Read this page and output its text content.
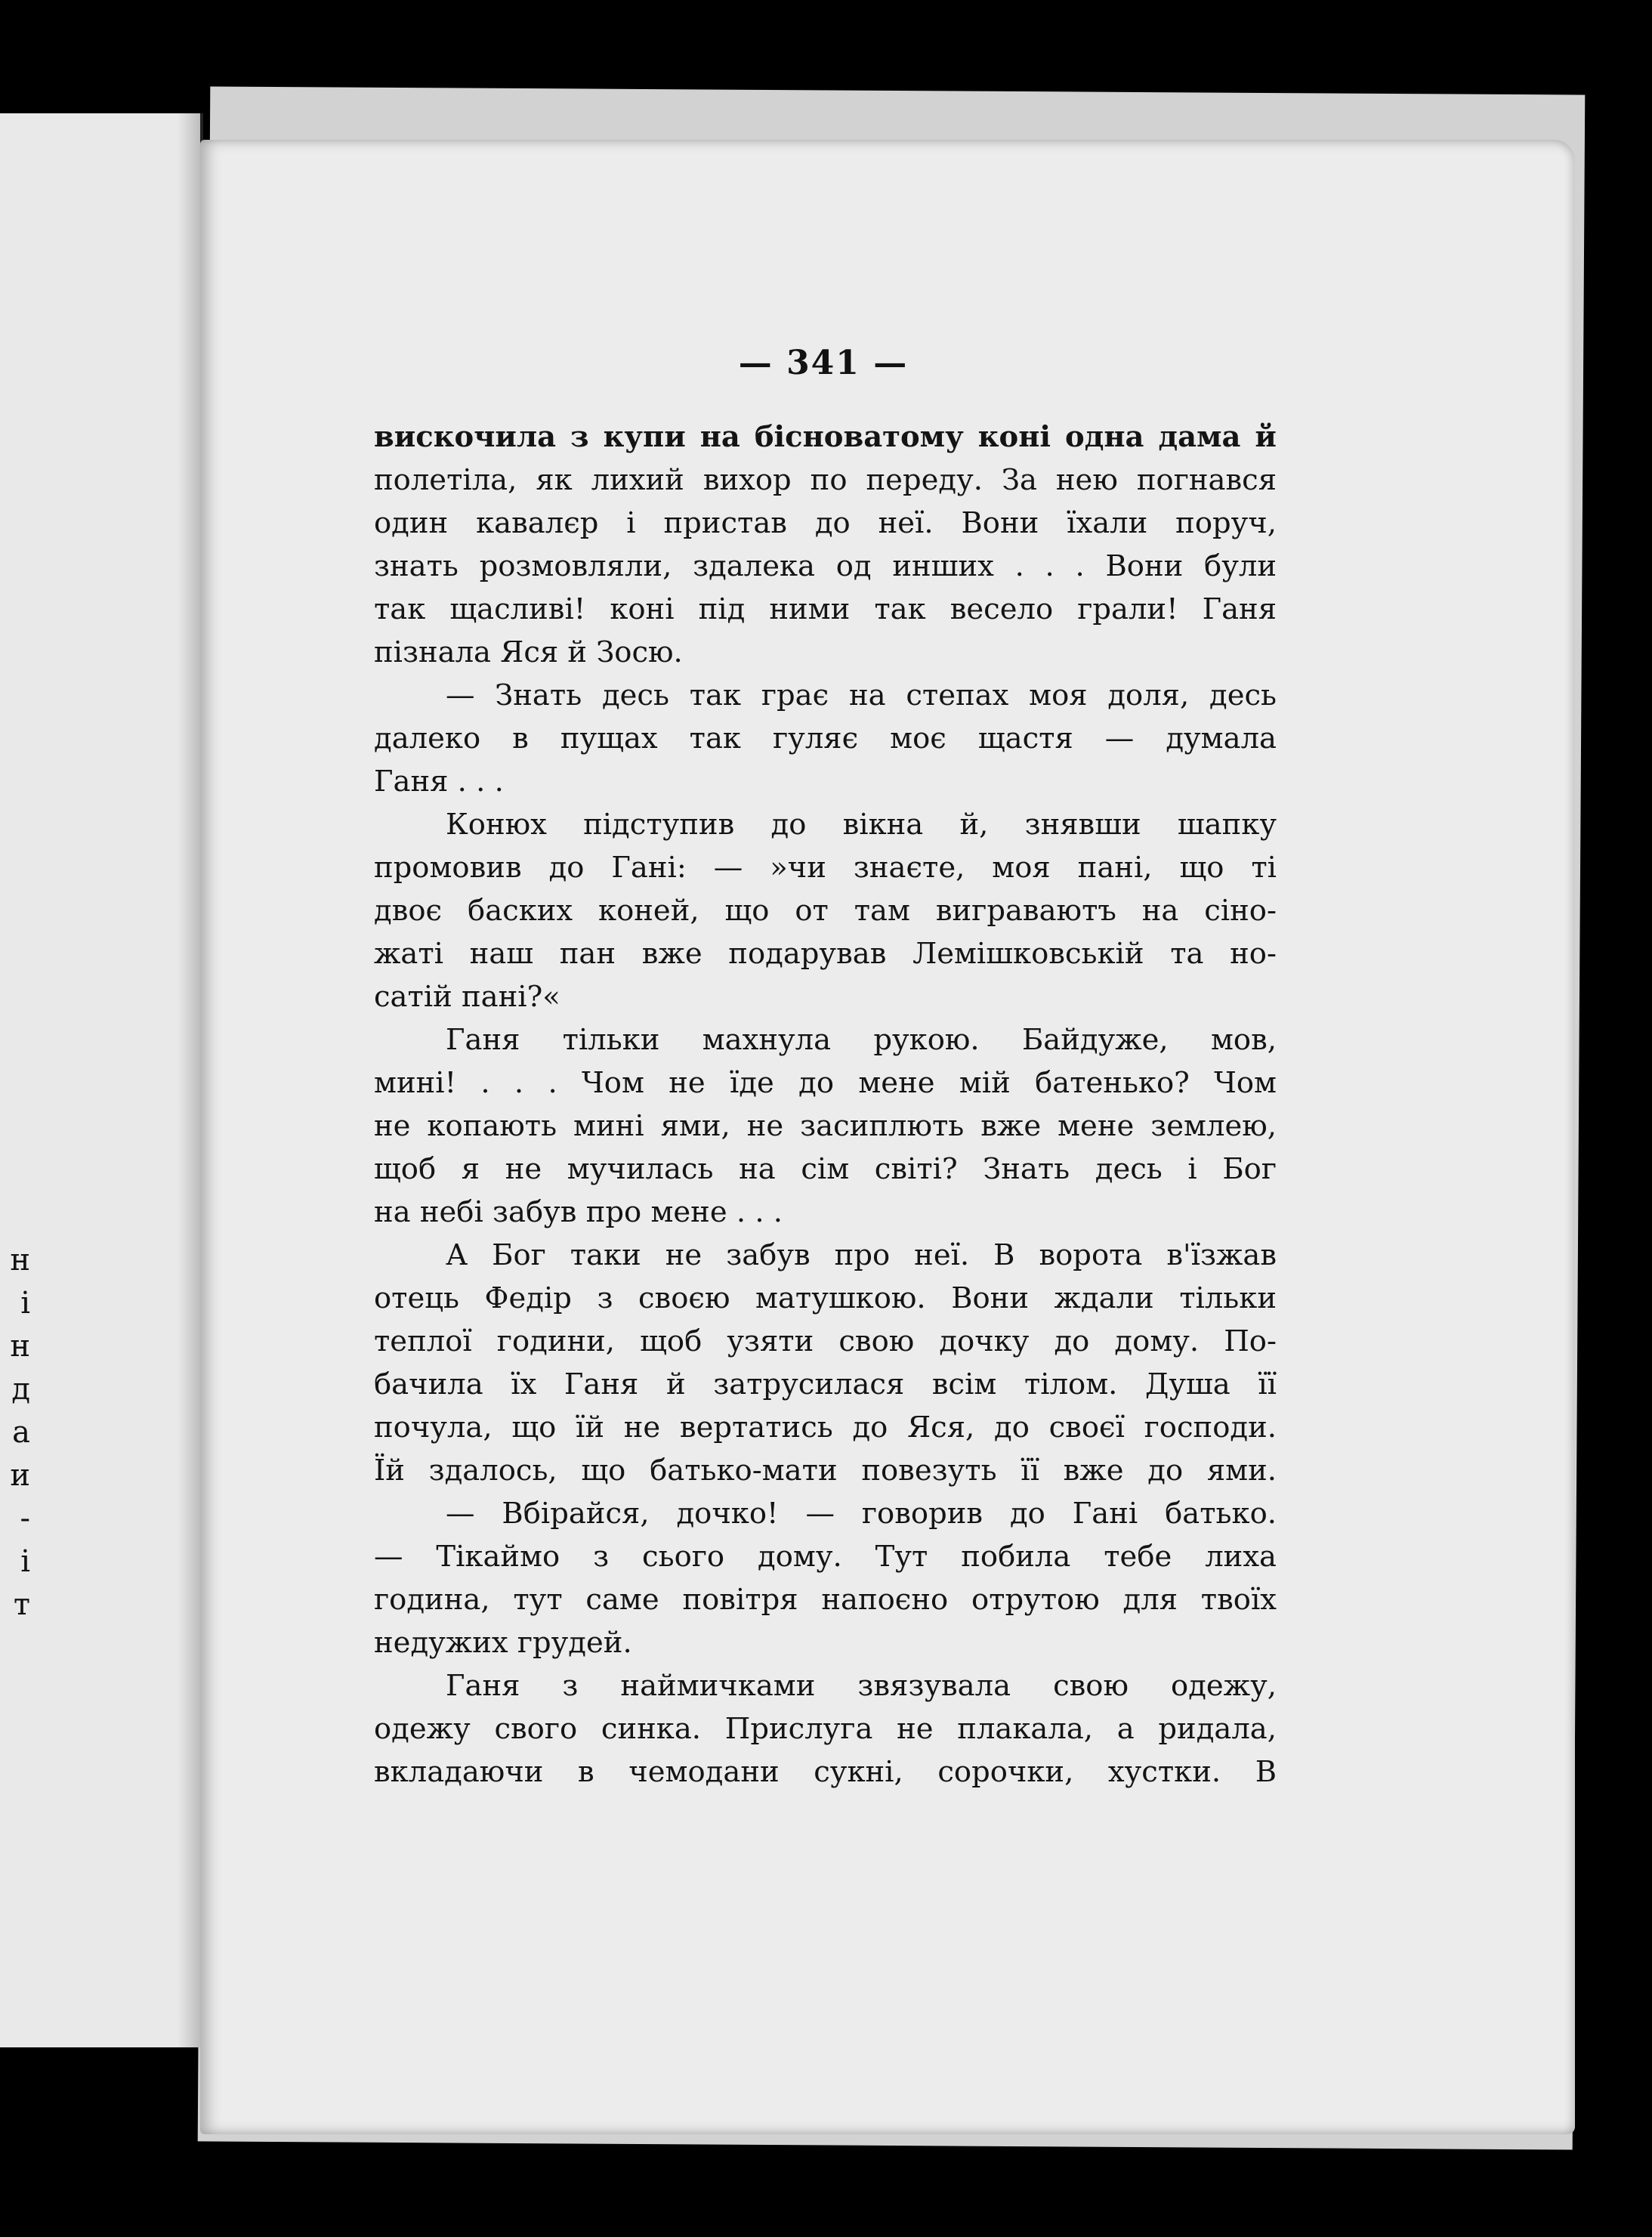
н
і
н
д
а
и
-
і
т
— 341 —
вискочила з купи на бісноватому коні одна дама й
полетіла, як лихий вихор по переду. За нею погнався
один кавалєр і пристав до неї. Вони їхали поруч,
знать розмовляли, здалека од инших . . . Вони були
так щасливі! коні під ними так весело грали! Ганя
пізнала Яся й Зосю.
— Знать десь так грає на степах моя доля, десь
далеко в пущах так гуляє моє щастя — думала
Ганя . . .
Конюх підступив до вікна й, знявши шапку
промовив до Гані: — »чи знаєте, моя пані, що ті
двоє баских коней, що от там виграваютъ на сіно-
жаті наш пан вже подарував Лемішковській та но-
сатій пані?«
Ганя тільки махнула рукою. Байдуже, мов,
мині! . . . Чом не їде до мене мій батенько? Чом
не копають мині ями, не засиплють вже мене землею,
щоб я не мучилась на сім світі? Знать десь і Бог
на небі забув про мене . . .
А Бог таки не забув про неї. В ворота в'їзжав
отець Федір з своєю матушкою. Вони ждали тільки
теплої години, щоб узяти свою дочку до дому. По-
бачила їх Ганя й затрусилася всім тілом. Душа її
почула, що їй не вертатись до Яся, до своєї господи.
Їй здалось, що батько-мати повезуть її вже до ями.
— Вбірайся, дочко! — говорив до Гані батько.
— Тікаймо з сього дому. Тут побила тебе лиха
година, тут саме повітря напоєно отрутою для твоїх
недужих грудей.
Ганя з наймичками звязувала свою одежу,
одежу свого синка. Прислуга не плакала, а ридала,
вкладаючи в чемодани сукні, сорочки, хустки. В
